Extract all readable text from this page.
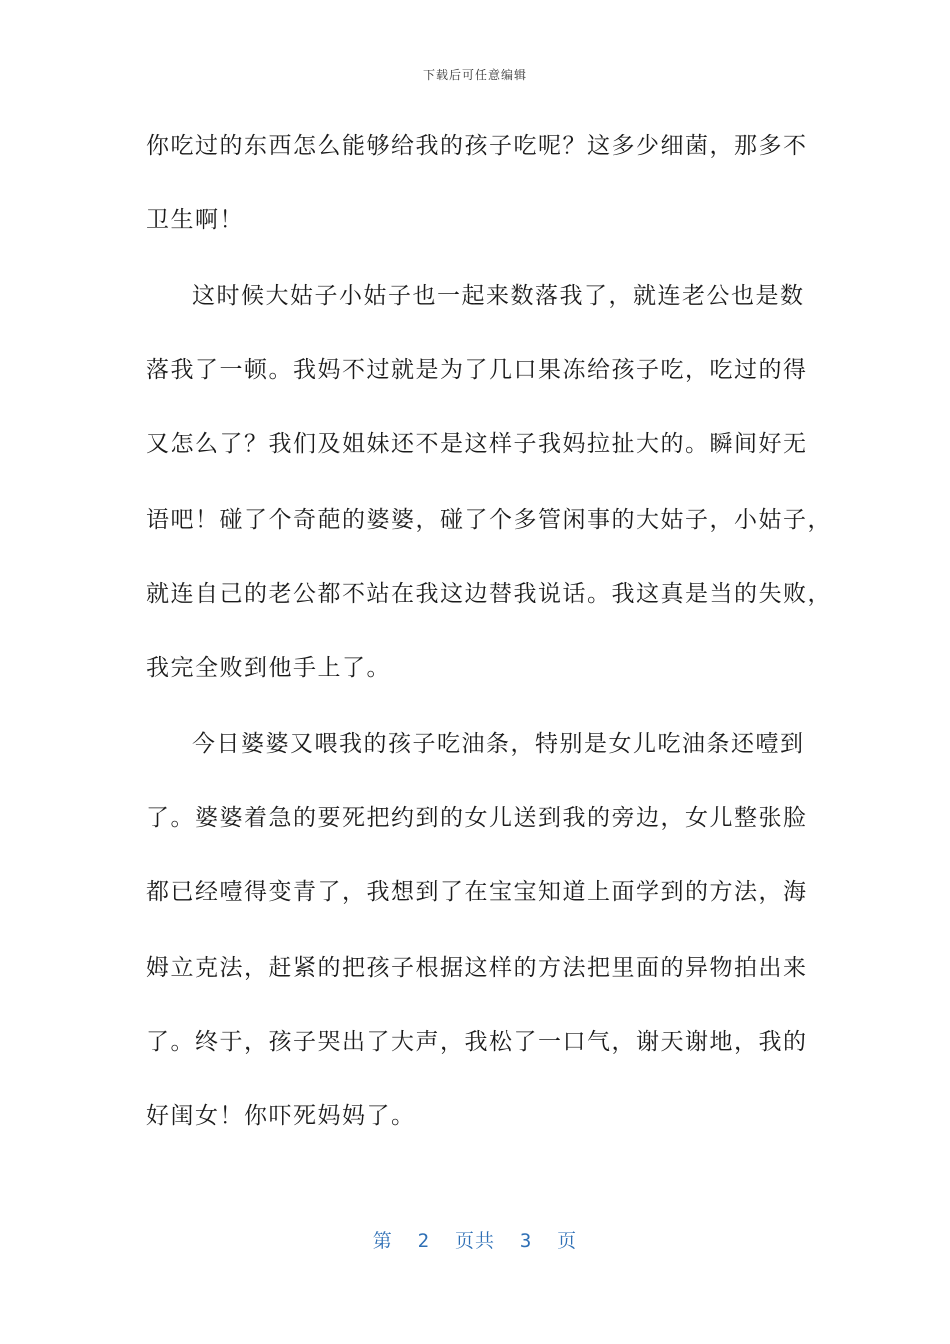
下载后可任意编辑
你吃过的东西怎么能够给我的孩子吃呢？这多少细菌，那多不
卫生啊！
这时候大姑子小姑子也一起来数落我了，就连老公也是数
落我了一顿。我妈不过就是为了几口果冻给孩子吃，吃过的得
又怎么了？我们及姐妹还不是这样子我妈拉扯大的。瞬间好无
语吧！碰了个奇葩的婆婆，碰了个多管闲事的大姑子，小姑子，
就连自己的老公都不站在我这边替我说话。我这真是当的失败，
我完全败到他手上了。
今日婆婆又喂我的孩子吃油条，特别是女儿吃油条还噎到
了。婆婆着急的要死把约到的女儿送到我的旁边，女儿整张脸
都已经噎得变青了，我想到了在宝宝知道上面学到的方法，海
姆立克法，赶紧的把孩子根据这样的方法把里面的异物拍出来
了。终于，孩子哭出了大声，我松了一口气，谢天谢地，我的
好闺女！你吓死妈妈了。
第  2  页共  3  页
